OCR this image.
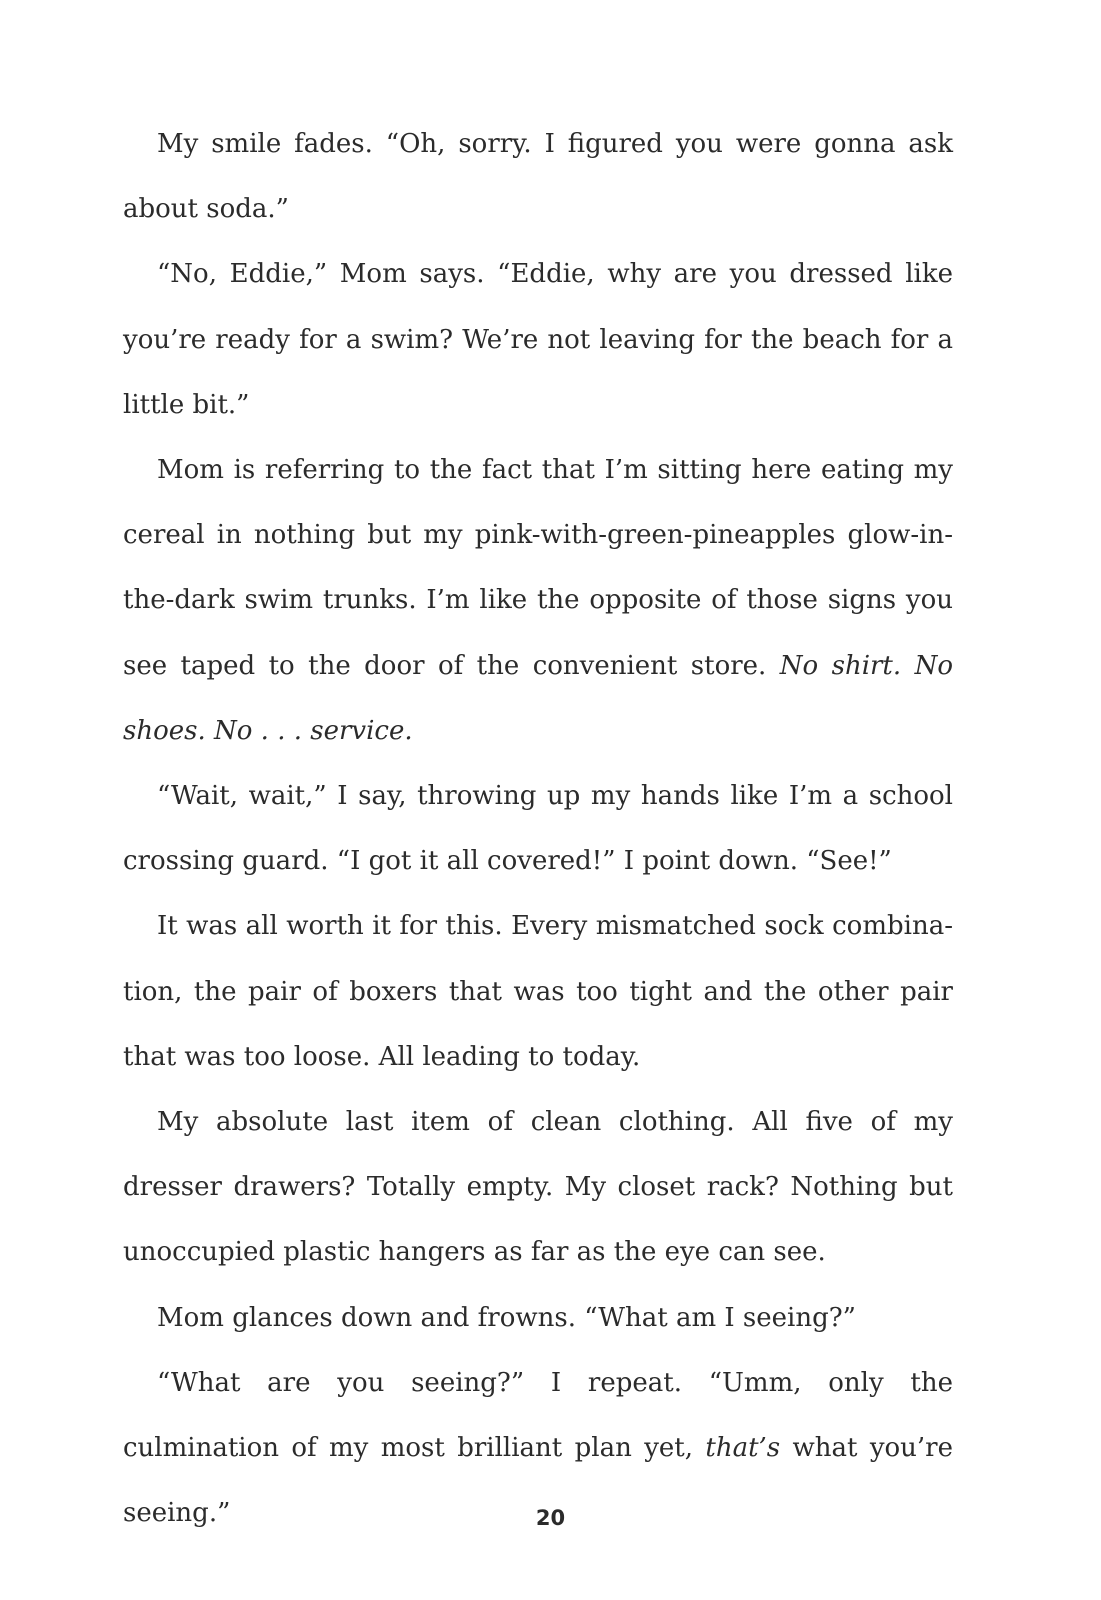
My smile fades. “Oh, sorry. I figured you were gonna ask about soda.”

“No, Eddie,” Mom says. “Eddie, why are you dressed like you’re ready for a swim? We’re not leaving for the beach for a little bit.”

Mom is referring to the fact that I’m sitting here eating my cereal in nothing but my pink-with-green-pineapples glow-in-the-dark swim trunks. I’m like the opposite of those signs you see taped to the door of the convenient store. No shirt. No shoes. No . . . service.

“Wait, wait,” I say, throwing up my hands like I’m a school crossing guard. “I got it all covered!” I point down. “See!”

It was all worth it for this. Every mismatched sock combination, the pair of boxers that was too tight and the other pair that was too loose. All leading to today.

My absolute last item of clean clothing. All five of my dresser drawers? Totally empty. My closet rack? Nothing but unoccupied plastic hangers as far as the eye can see.

Mom glances down and frowns. “What am I seeing?”

“What are you seeing?” I repeat. “Umm, only the culmination of my most brilliant plan yet, that’s what you’re seeing.”	20
